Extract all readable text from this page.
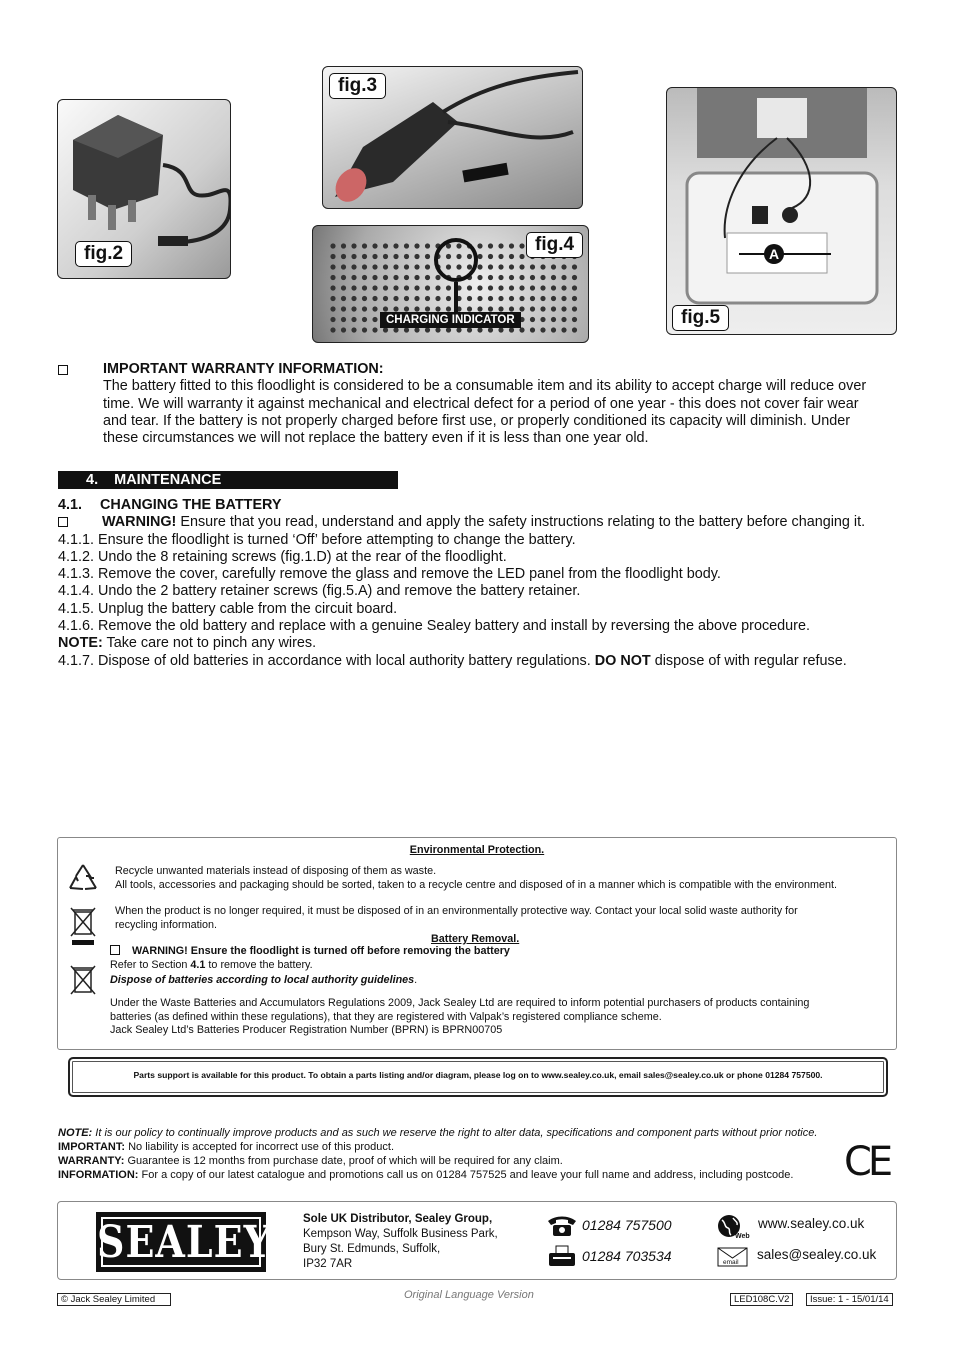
fig.2
fig.3
CHARGING INDICATOR
fig.4	A
fig.5
IMPORTANT WARRANTY INFORMATION:
The battery fitted to this floodlight is considered to be a consumable item and its ability to accept charge will reduce over
time. We will warranty it against mechanical and electrical defect for a period of one year - this does not cover fair wear
and tear. If the battery is not properly charged before first use, or properly conditioned its capacity will diminish. Under
these circumstances we will not replace the battery even if it is less than one year old.
4. MAINTENANCE
4.1. CHANGING THE BATTERY
WARNING! Ensure that you read, understand and apply the safety instructions relating to the battery before changing it.
4.1.1. Ensure the floodlight is turned ‘Off’ before attempting to change the battery.
4.1.2. Undo the 8 retaining screws (fig.1.D) at the rear of the floodlight.
4.1.3. Remove the cover, carefully remove the glass and remove the LED panel from the floodlight body.
4.1.4. Undo the 2 battery retainer screws (fig.5.A) and remove the battery retainer.
4.1.5. Unplug the battery cable from the circuit board.
4.1.6. Remove the old battery and replace with a genuine Sealey battery and install by reversing the above procedure.
NOTE: Take care not to pinch any wires.
4.1.7. Dispose of old batteries in accordance with local authority battery regulations. DO NOT dispose of with regular refuse.
Environmental Protection.
Recycle unwanted materials instead of disposing of them as waste.
All tools, accessories and packaging should be sorted, taken to a recycle centre and disposed of in a manner which is compatible with the environment.
When the product is no longer required, it must be disposed of in an environmentally protective way. Contact your local solid waste authority for
recycling information.
Battery Removal.
WARNING! Ensure the floodlight is turned off before removing the battery
Refer to Section 4.1 to remove the battery.
Dispose of batteries according to local authority guidelines.
Under the Waste Batteries and Accumulators Regulations 2009, Jack Sealey Ltd are required to inform potential purchasers of products containing
batteries (as defined within these regulations), that they are registered with Valpak’s registered compliance scheme.
Jack Sealey Ltd’s Batteries Producer Registration Number (BPRN) is BPRN00705
Parts support is available for this product. To obtain a parts listing and/or diagram, please log on to www.sealey.co.uk, email sales@sealey.co.uk or phone 01284 757500.
NOTE: It is our policy to continually improve products and as such we reserve the right to alter data, specifications and component parts without prior notice.
IMPORTANT: No liability is accepted for incorrect use of this product.
WARRANTY: Guarantee is 12 months from purchase date, proof of which will be required for any claim.
INFORMATION: For a copy of our latest catalogue and promotions call us on 01284 757525 and leave your full name and address, including postcode.	CE
SEALEY	Sole UK Distributor, Sealey Group,
Kempson Way, Suffolk Business Park,
Bury St. Edmunds, Suffolk,
IP32 7AR
01284 757500
01284 703534
Web
www.sealey.co.uk
email
sales@sealey.co.uk
© Jack Sealey Limited	Original Language Version	LED108C.V2	Issue: 1 - 15/01/14
